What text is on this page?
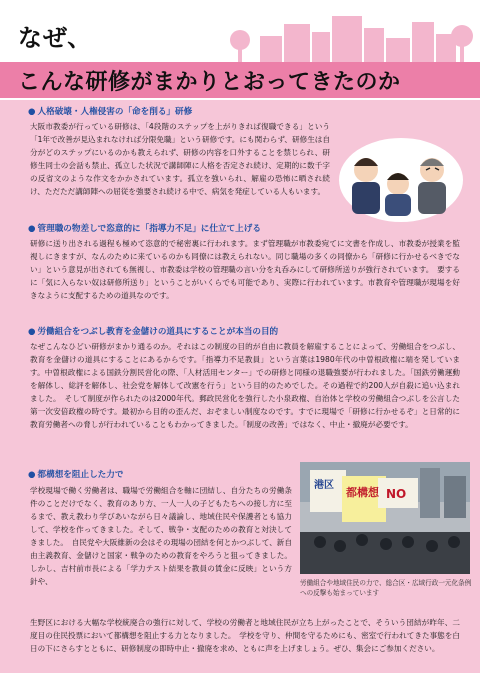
なぜ、
こんな研修がまかりとおってきたのか
● 人格破壊・人権侵害の「命を削る」研修
大阪市教委が行っている研修は、「4段階のステップを上がりきれば復職できる」という「1年で改善が見込まれなければ分限免職」という研修です。にも関わらず、研修生は自分がどのステップにいるのかも教えられず、研修の内容を口外することを禁じられ、研修生同士の会話も禁止、孤立した状況で講師陣に人格を否定され続け、定期的に数千字の反省文のような作文をかかされています。孤立を強いられ、解雇の恐怖に晒され続け、ただただ講師陣への屈従を強要され続ける中で、病気を発症している人もいます。
● 管理職の物差しで恣意的に「指導力不足」に仕立て上げる
研修に送り出される過程も極めて恣意的で秘密裏に行われます。まず管理職が市教委宛てに文書を作成し、市教委が授業を監視しにきますが、なんのために来ているのかも同僚には教えられない。同じ職場の多くの同僚から「研修に行かせるべきでない」という意見が出されても無視し、市教委は学校の管理職の言い分を丸呑みにして研修所送りが強行されています。　要するに「気に入らない奴は研修所送り」ということがいくらでも可能であり、実際に行われています。市教育や管理職が現場を好きなように支配するための道具なのです。
● 労働組合をつぶし教育を金儲けの道具にすることが本当の目的
なぜこんなひどい研修がまかり通るのか。それはこの制度の目的が自由に教員を解雇することによって、労働組合をつぶし、教育を金儲けの道具にすることにあるからです。「指導力不足教員」という言葉は1980年代の中曽根政権に端を発しています。中曽根政権による国鉄分割民営化の際、「人材活用センター」での研修と同様の退職強要が行われました。「国鉄労働運動を解体し、総評を解体し、社会党を解体して改憲を行う」という目的のためでした。その過程で約200人が自殺に追い込まれました。　そして制度が作られたのは2000年代。郵政民営化を強行した小泉政権、自治体と学校の労働組合つぶしを公言した第一次安倍政権の時です。最初から目的の歪んだ、おぞましい制度なのです。すでに現場で「研修に行かせるぞ」と日常的に教育労働者への脅しが行われていることもわかってきました。「制度の改善」ではなく、中止・撤廃が必要です。
● 都構想を阻止した力で
学校現場で働く労働者は、職場で労働組合を軸に団結し、自分たちの労働条件のことだけでなく、教育のあり方、一人一人の子どもたちへの接し方に至るまで、教え教わり学びあいながら日々議論し、地域住民や保護者とも協力して、学校を作ってきました。そして、戦争・支配のための教育と対決してきました。　自民党や大阪維新の会はその現場の団結を何とかつぶして、新自由主義教育、金儲けと国家・戦争のための教育をやろうと狙ってきました。しかし、吉村前市長による「学力テスト結果を教員の賃金に反映」という方針や、
生野区における大幅な学校統廃合の強行に対して、学校の労働者と地域住民が立ち上がったことで、そういう団結が昨年、二度目の住民投票において都構想を阻止する力となりました。　学校を守り、仲間を守るためにも、密室で行われてきた事態を白日の下にさらすとともに、研修制度の即時中止・撤廃を求め、ともに声を上げましょう。ぜひ、集会にご参加ください。
港区
都構想 NO
労働組合や地域住民の力で、総合区・広域行政一元化条例への反撃も始まっています
